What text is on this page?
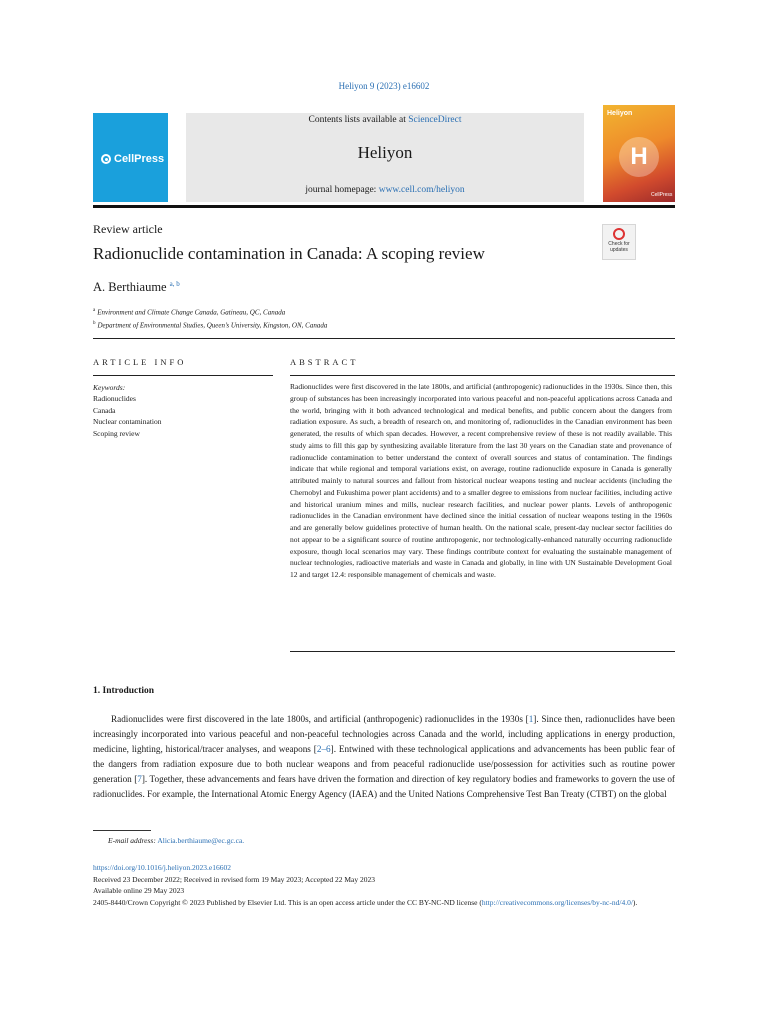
Heliyon 9 (2023) e16602
CellPress
Contents lists available at ScienceDirect
Heliyon
journal homepage: www.cell.com/heliyon
Heliyon
H
CellPress
Review article
Radionuclide contamination in Canada: A scoping review	Check for
updates
A. Berthiaume $^{a, b}$
$^a$ Environment and Climate Change Canada, Gatineau, QC, Canada
$^b$ Department of Environmental Studies, Queen’s University, Kingston, ON, Canada
ARTICLE INFO	ABSTRACT
Keywords:
Radionuclides
Canada
Nuclear contamination
Scoping review

Radionuclides were first discovered in the late 1800s, and artificial (anthropogenic) radionuclides in the 1930s. Since then, this group of substances has been increasingly incorporated into various peaceful and non-peaceful applications across Canada and the world, bringing with it both advanced technological and medical benefits, and public concern about the dangers from radiation exposure. As such, a breadth of research on, and monitoring of, radionuclides in the Canadian environment has been generated, the results of which span decades. However, a recent comprehensive review of these is not readily available. This study aims to fill this gap by synthesizing available literature from the last 30 years on the Canadian state and provenance of radionuclide contamination to better understand the context of overall sources and status of contamination. The findings indicate that while regional and temporal variations exist, on average, routine radionuclide exposure in Canada is generally attributed mainly to natural sources and fallout from historical nuclear weapons testing and nuclear accidents (including the Chernobyl and Fukushima power plant accidents) and to a smaller degree to emissions from nuclear facilities, including active and historical uranium mines and mills, nuclear research facilities, and nuclear power plants. Levels of anthropogenic radionuclides in the Canadian environment have declined since the initial cessation of nuclear weapons testing in the 1960s and are generally below guidelines protective of human health. On the national scale, present-day nuclear sector facilities do not appear to be a significant source of routine anthropogenic, nor technologically-enhanced naturally occurring radionuclide exposure, though local scenarios may vary. These findings contribute context for evaluating the sustainable management of nuclear technologies, radioactive materials and waste in Canada and globally, in line with UN Sustainable Development Goal 12 and target 12.4: responsible management of chemicals and waste.

1. Introduction

Radionuclides were first discovered in the late 1800s, and artificial (anthropogenic) radionuclides in the 1930s [1]. Since then, radionuclides have been increasingly incorporated into various peaceful and non-peaceful technologies across Canada and the world, including applications in energy production, medicine, lighting, historical/tracer analyses, and weapons [2–6]. Entwined with these technological applications and advancements has been public fear of the dangers from radiation exposure due to both nuclear weapons and from peaceful radionuclide use/possession for activities such as routine power generation [7]. Together, these advancements and fears have driven the formation and direction of key regulatory bodies and frameworks to govern the use of radionuclides. For example, the International Atomic Energy Agency (IAEA) and the United Nations Comprehensive Test Ban Treaty (CTBT) on the global

E-mail address: Alicia.berthiaume@ec.gc.ca.
https://doi.org/10.1016/j.heliyon.2023.e16602
Received 23 December 2022; Received in revised form 19 May 2023; Accepted 22 May 2023
Available online 29 May 2023
2405-8440/Crown Copyright © 2023 Published by Elsevier Ltd. This is an open access article under the CC BY-NC-ND license (http://creativecommons.org/licenses/by-nc-nd/4.0/).
